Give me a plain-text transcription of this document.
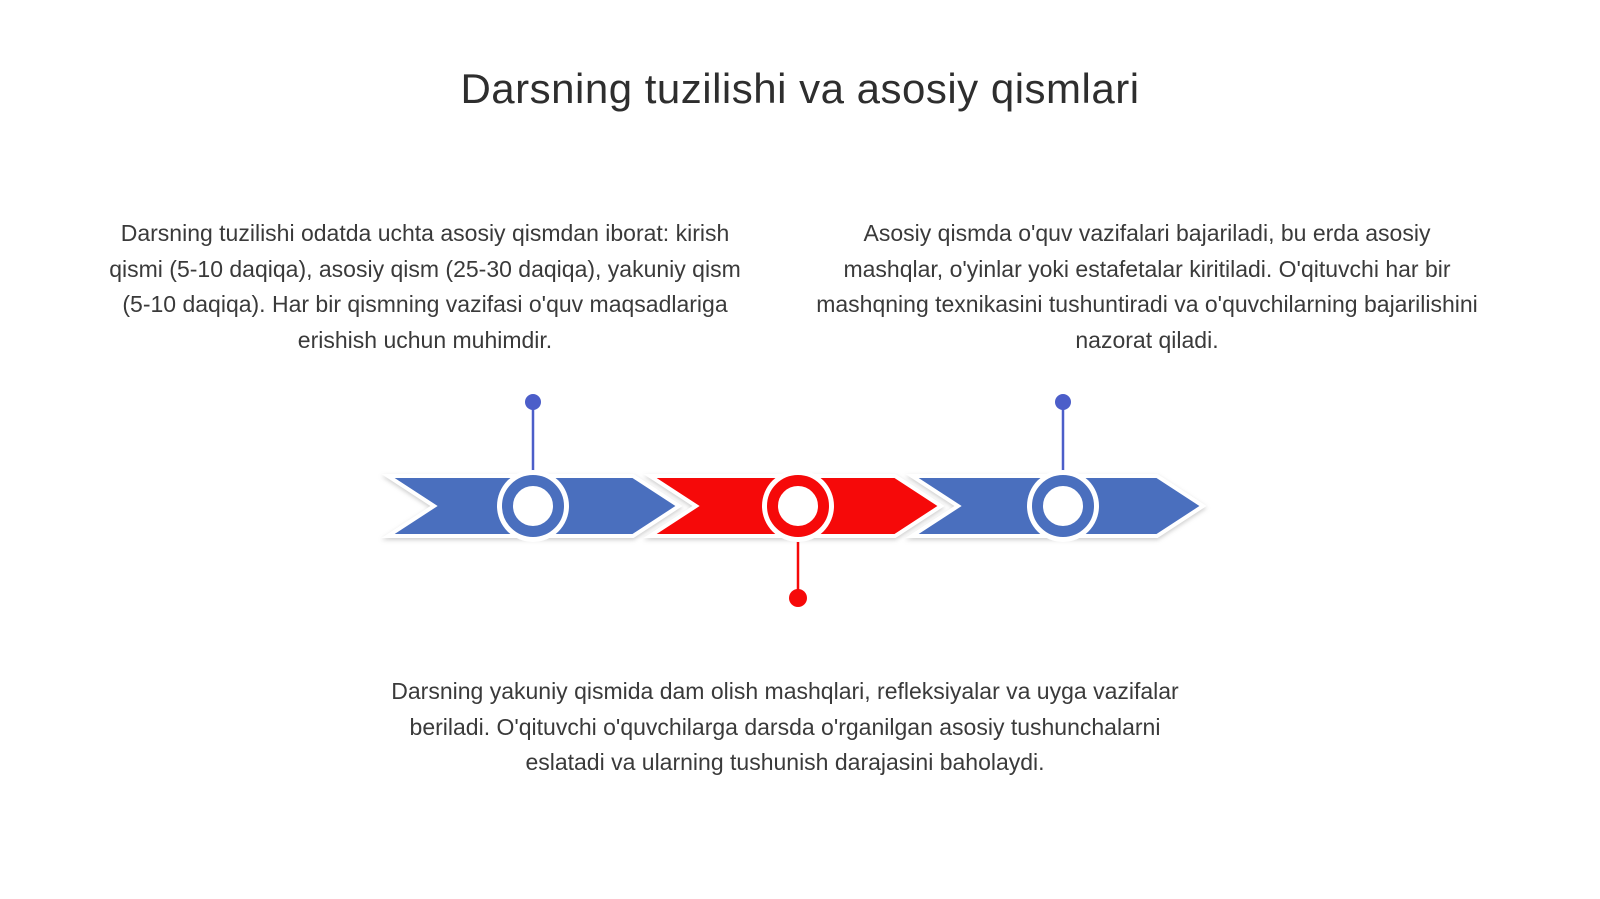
Darsning tuzilishi va asosiy qismlari
Darsning tuzilishi odatda uchta asosiy qismdan iborat: kirish qismi (5-10 daqiqa), asosiy qism (25-30 daqiqa), yakuniy qism (5-10 daqiqa). Har bir qismning vazifasi o'quv maqsadlariga erishish uchun muhimdir.
Asosiy qismda o'quv vazifalari bajariladi, bu erda asosiy mashqlar, o'yinlar yoki estafetalar kiritiladi. O'qituvchi har bir mashqning texnikasini tushuntiradi va o'quvchilarning bajarilishini nazorat qiladi.
Darsning yakuniy qismida dam olish mashqlari, refleksiyalar va uyga vazifalar beriladi. O'qituvchi o'quvchilarga darsda o'rganilgan asosiy tushunchalarni eslatadi va ularning tushunish darajasini baholaydi.
